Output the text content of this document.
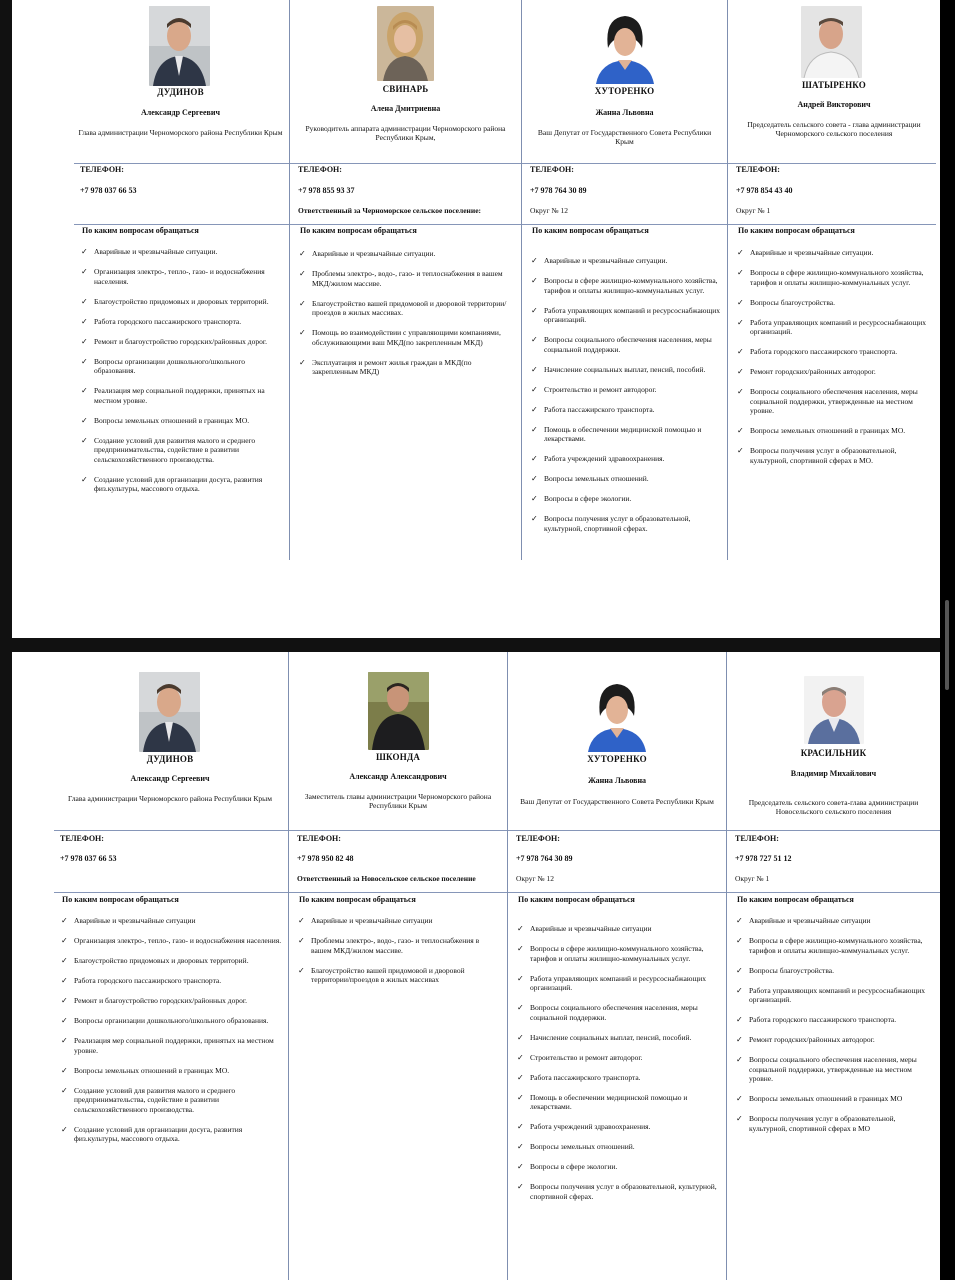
ДУДИНОВ
Александр Сергеевич
Глава администрации Черноморского района Республики Крым
ТЕЛЕФОН:
+7 978 037 66 53
По каким вопросам обращаться
✓ Аварийные и чрезвычайные ситуации.
✓ Организация электро-, тепло-, газо- и водоснабжения населения.
✓ Благоустройство придомовых и дворовых территорий.
✓ Работа городского пассажирского транспорта.
✓ Ремонт и благоустройство городских/районных дорог.
✓ Вопросы организации дошкольного/школьного образования.
✓ Реализация мер социальной поддержки, принятых на местном уровне.
✓ Вопросы земельных отношений в границах МО.
✓ Создание условий для развития малого и среднего предпринимательства, содействие в развитии сельскохозяйственного производства.
✓ Создание условий для организации досуга, развития физ.культуры, массового отдыха.
СВИНАРЬ
Алена Дмитриевна
Руководитель аппарата администрации Черноморского района Республики Крым,
ТЕЛЕФОН:
+7 978 855 93 37
Ответственный за Черноморское сельское поселение:
По каким вопросам обращаться
✓ Аварийные и чрезвычайные ситуации.
✓ Проблемы электро-, водо-, газо- и теплоснабжения в вашем МКД/жилом массиве.
✓ Благоустройство вашей придомовой и дворовой территории/проездов в жилых массивах.
✓ Помощь во взаимодействии с управляющими компаниями, обслуживающими ваш МКД(по закрепленным МКД)
✓ Эксплуатация и ремонт жилья граждан в МКД(по закрепленным МКД)
ХУТОРЕНКО
Жанна Львовна
Ваш Депутат от Государственного Совета Республики Крым
ТЕЛЕФОН:
+7 978 764 30 89
Округ № 12
По каким вопросам обращаться
✓ Аварийные и чрезвычайные ситуации.
✓ Вопросы в сфере жилищно-коммунального хозяйства, тарифов и оплаты жилищно-коммунальных услуг.
✓ Работа управляющих компаний и ресурсоснабжающих организаций.
✓ Вопросы социального обеспечения населения, меры социальной поддержки.
✓ Начисление социальных выплат, пенсий, пособий.
✓ Строительство и ремонт автодорог.
✓ Работа пассажирского транспорта.
✓ Помощь в обеспечении медицинской помощью и лекарствами.
✓ Работа учреждений здравоохранения.
✓ Вопросы земельных отношений.
✓ Вопросы в сфере экологии.
✓ Вопросы получения услуг в образовательной, культурной, спортивной сферах.
ШАТЫРЕНКО
Андрей Викторович
Председатель сельского совета - глава администрации Черноморского сельского поселения
ТЕЛЕФОН:
+7 978 854 43 40
Округ № 1
По каким вопросам обращаться
✓ Аварийные и чрезвычайные ситуации.
✓ Вопросы в сфере жилищно-коммунального хозяйства, тарифов и оплаты жилищно-коммунальных услуг.
✓ Вопросы благоустройства.
✓ Работа управляющих компаний и ресурсоснабжающих организаций.
✓ Работа городского пассажирского транспорта.
✓ Ремонт городских/районных автодорог.
✓ Вопросы социального обеспечения населения, меры социальной поддержки, утвержденные на местном уровне.
✓ Вопросы земельных отношений в границах МО.
✓ Вопросы получения услуг в образовательной, культурной, спортивной сферах в МО.
ДУДИНОВ
Александр Сергеевич
Глава администрации Черноморского района Республики Крым
ТЕЛЕФОН:
+7 978 037 66 53
По каким вопросам обращаться
✓ Аварийные и чрезвычайные ситуации
✓ Организация электро-, тепло-, газо- и водоснабжения населения.
✓ Благоустройство придомовых и дворовых территорий.
✓ Работа городского пассажирского транспорта.
✓ Ремонт и благоустройство городских/районных дорог.
✓ Вопросы организации дошкольного/школьного образования.
✓ Реализация мер социальной поддержки, принятых на местном уровне.
✓ Вопросы земельных отношений в границах МО.
✓ Создание условий для развития малого и среднего предпринимательства, содействие в развитии сельскохозяйственного производства.
✓ Создание условий для организации досуга, развития физ.культуры, массового отдыха.
ШКОНДА
Александр Александрович
Заместитель главы администрации Черноморского района Республики Крым
ТЕЛЕФОН:
+7 978 950 82 48
Ответственный за Новосельское сельское поселение
По каким вопросам обращаться
✓ Аварийные и чрезвычайные ситуации
✓ Проблемы электро-, водо-, газо- и теплоснабжения в вашем МКД/жилом массиве.
✓ Благоустройство вашей придомовой и дворовой территории/проездов в жилых массивах
ХУТОРЕНКО
Жанна Львовна
Ваш Депутат от Государственного Совета Республики Крым
ТЕЛЕФОН:
+7 978 764 30 89
Округ № 12
По каким вопросам обращаться
✓ Аварийные и чрезвычайные ситуации
✓ Вопросы в сфере жилищно-коммунального хозяйства, тарифов и оплаты жилищно-коммунальных услуг.
✓ Работа управляющих компаний и ресурсоснабжающих организаций.
✓ Вопросы социального обеспечения населения, меры социальной поддержки.
✓ Начисление социальных выплат, пенсий, пособий.
✓ Строительство и ремонт автодорог.
✓ Работа пассажирского транспорта.
✓ Помощь в обеспечении медицинской помощью и лекарствами.
✓ Работа учреждений здравоохранения.
✓ Вопросы земельных отношений.
✓ Вопросы в сфере экологии.
✓ Вопросы получения услуг в образовательной, культурной, спортивной сферах.
КРАСИЛЬНИК
Владимир Михайлович
Председатель сельского совета-глава администрации Новосельского сельского поселения
ТЕЛЕФОН:
+7 978 727 51 12
Округ № 1
По каким вопросам обращаться
✓ Аварийные и чрезвычайные ситуации
✓ Вопросы в сфере жилищно-коммунального хозяйства, тарифов и оплаты жилищно-коммунальных услуг.
✓ Вопросы благоустройства.
✓ Работа управляющих компаний и ресурсоснабжающих организаций.
✓ Работа городского пассажирского транспорта.
✓ Ремонт городских/районных автодорог.
✓ Вопросы социального обеспечения населения, меры социальной поддержки, утвержденные на местном уровне.
✓ Вопросы земельных отношений в границах МО
✓ Вопросы получения услуг в образовательной, культурной, спортивной сферах в МО
